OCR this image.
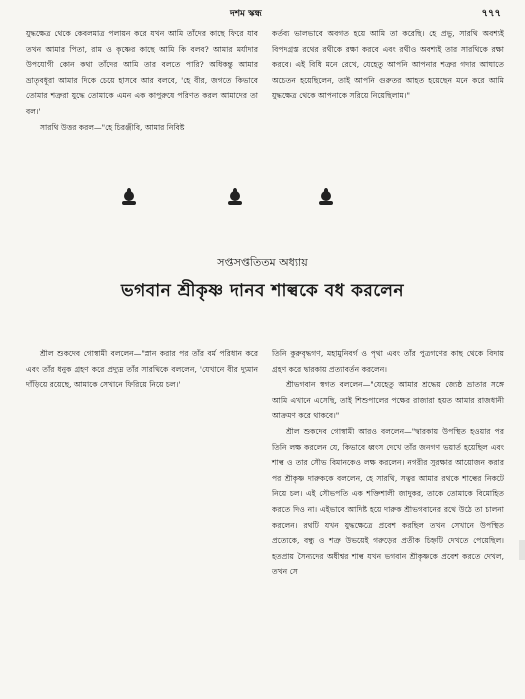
দশম স্কন্ধ	৭৭৭

যুদ্ধক্ষেত্র থেকে কেবলমাত্র পলায়ন করে যখন আমি তাঁদের কাছে ফিরে যাব তখন আমার পিতা, রাম ও কৃষ্ণের কাছে আমি কি বলব? আমার মর্যাদার উপযোগী কোন কথা তাঁদের আমি তার বলতে পারি? অধিকন্তু আমার ভ্রাতৃবধূরা আমার দিকে চেয়ে হাসবে আর বলবে, 'হে বীর, জগতে কিভাবে তোমার শত্রুরা যুদ্ধে তোমাকে এমন এক কাপুরুষে পরিণত করল আমাদের তা বল।'

সারথি উত্তর করল—"হে চিরঞ্জীবি, আমার নিবিষ্ট

কর্তব্য ভালভাবে অবগত হয়ে আমি তা করেছি। হে প্রভু, সারথি অবশ্যই বিপদগ্রস্ত রথের রথীকে রক্ষা করবে এবং রথীও অবশ্যই তার সারথিকে রক্ষা করবে। এই বিধি মনে রেখে, যেহেতু আপনি আপনার শত্রুর গদার আঘাতে অচেতন হয়েছিলেন, তাই আপনি গুরুতর আহত হয়েছেন মনে করে আমি যুদ্ধক্ষেত্র থেকে আপনাকে সরিয়ে নিয়েছিলাম।"

সপ্তসপ্ততিতম অধ্যায়
ভগবান শ্রীকৃষ্ণ দানব শাল্বকে বধ করলেন

শ্রীল শুকদেব গোস্বামী বললেন—"স্নান করার পর তাঁর বর্ম পরিধান করে এবং তাঁর ধনুক গ্রহণ করে প্রদ্যুম্ন তাঁর সারথিকে বললেন, 'যেখানে বীর দ্যুমান দাঁড়িয়ে রয়েছে, আমাকে সেখানে ফিরিয়ে নিয়ে চল।'

তিনি কুরুবৃদ্ধগণ, মহামুনিবর্গ ও পৃথা এবং তাঁর পুত্রগণের কাছ থেকে বিদায় গ্রহণ করে দ্বারকায় প্রত্যাবর্তন করলেন।

শ্রীভগবান স্বগত বললেন—"যেহেতু আমার শ্রদ্ধেয় জ্যেষ্ঠ ভ্রাতার সঙ্গে আমি এখানে এসেছি, তাই শিশুপালের পক্ষের রাজারা হয়ত আমার রাজধানী আক্রমণ করে থাকবে।"

শ্রীল শুকদেব গোস্বামী আরও বললেন—"দ্বারকায় উপস্থিত হওয়ার পর তিনি লক্ষ করলেন যে, কিভাবে ধ্বংস দেখে তাঁর জনগণ ভয়ার্ত হয়েছিল এবং শাল্ব ও তার সৌভ বিমানকেও লক্ষ করলেন। নগরীর সুরক্ষার আয়োজন করার পর শ্রীকৃষ্ণ দারুককে বললেন, হে সারথি, সত্বর আমার রথকে শাল্বের নিকটে নিয়ে চল। এই সৌভপতি এক শক্তিশালী জাদুকর, তাকে তোমাকে বিমোহিত করতে দিও না। এইভাবে আদিষ্ট হয়ে দারুক শ্রীভগবানের রথে উঠে তা চালনা করলেন। রথটি যখন যুদ্ধক্ষেত্রে প্রবেশ করছিল তখন সেখানে উপস্থিত প্রত্যেকে, বন্ধু ও শত্রু উভয়েই গরুড়ের প্রতীক চিহ্নটি দেখতে পেয়েছিল। হতপ্রায় সৈন্যদের অধীশ্বর শাল্ব যখন ভগবান শ্রীকৃষ্ণকে প্রবেশ করতে দেখল, তখন সে
